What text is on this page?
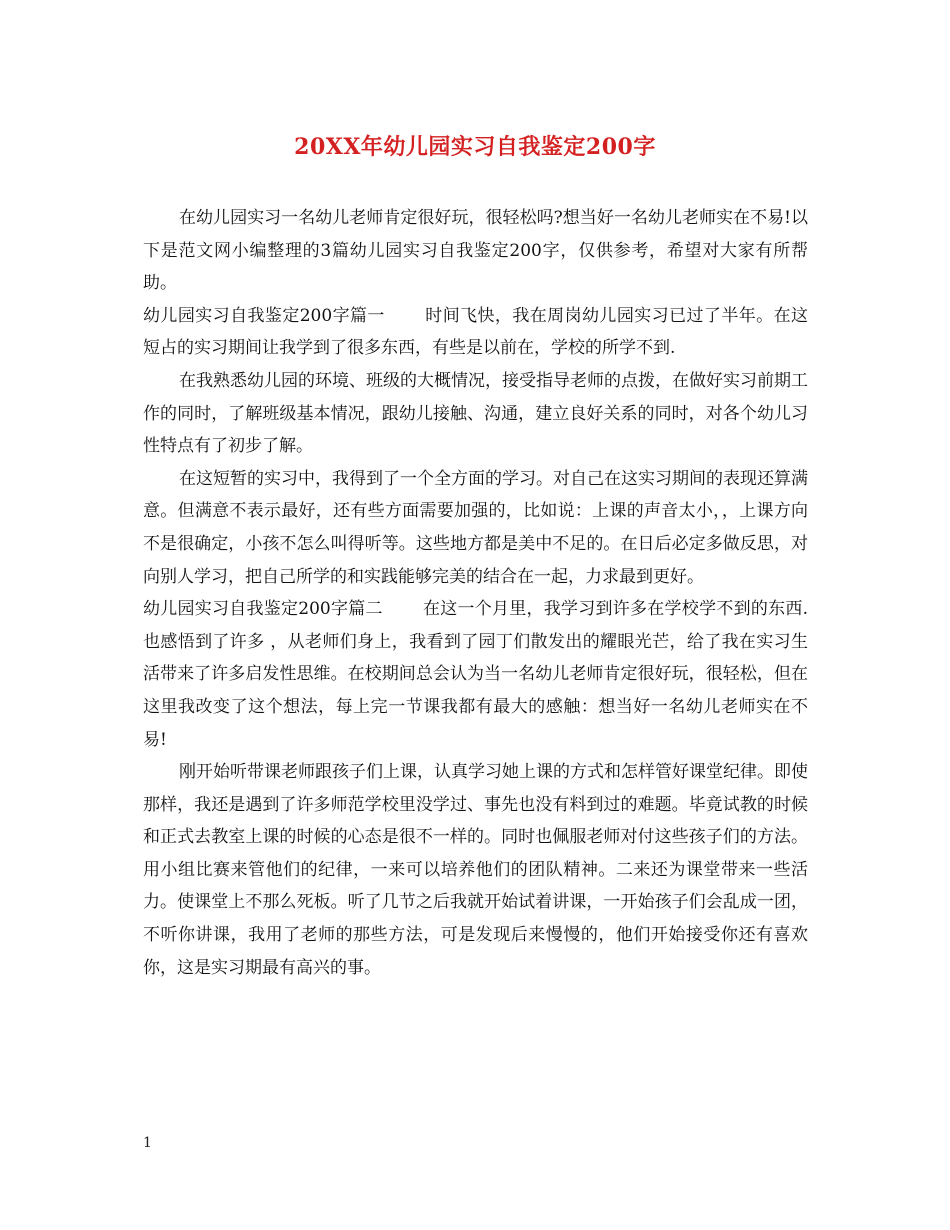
20XX年幼儿园实习自我鉴定200字

在幼儿园实习一名幼儿老师肯定很好玩，很轻松吗?想当好一名幼儿老师实在不易!以下是范文网小编整理的3篇幼儿园实习自我鉴定200字，仅供参考，希望对大家有所帮助。

幼儿园实习自我鉴定200字篇一 时间飞快，我在周岗幼儿园实习已过了半年。在这短占的实习期间让我学到了很多东西，有些是以前在，学校的所学不到.

在我熟悉幼儿园的环境、班级的大概情况，接受指导老师的点拨，在做好实习前期工作的同时，了解班级基本情况，跟幼儿接触、沟通，建立良好关系的同时，对各个幼儿习性特点有了初步了解。

在这短暂的实习中，我得到了一个全方面的学习。对自己在这实习期间的表现还算满意。但满意不表示最好，还有些方面需要加强的，比如说：上课的声音太小，，上课方向不是很确定，小孩不怎么叫得听等。这些地方都是美中不足的。在日后必定多做反思，对向别人学习，把自己所学的和实践能够完美的结合在一起，力求最到更好。

幼儿园实习自我鉴定200字篇二 在这一个月里，我学习到许多在学校学不到的东西.也感悟到了许多 ，从老师们身上，我看到了园丁们散发出的耀眼光芒，给了我在实习生活带来了许多启发性思维。在校期间总会认为当一名幼儿老师肯定很好玩，很轻松，但在这里我改变了这个想法，每上完一节课我都有最大的感触：想当好一名幼儿老师实在不易!

刚开始听带课老师跟孩子们上课，认真学习她上课的方式和怎样管好课堂纪律。即使那样，我还是遇到了许多师范学校里没学过、事先也没有料到过的难题。毕竟试教的时候和正式去教室上课的时候的心态是很不一样的。同时也佩服老师对付这些孩子们的方法。用小组比赛来管他们的纪律，一来可以培养他们的团队精神。二来还为课堂带来一些活力。使课堂上不那么死板。听了几节之后我就开始试着讲课，一开始孩子们会乱成一团，不听你讲课，我用了老师的那些方法，可是发现后来慢慢的，他们开始接受你还有喜欢你，这是实习期最有高兴的事。

1
